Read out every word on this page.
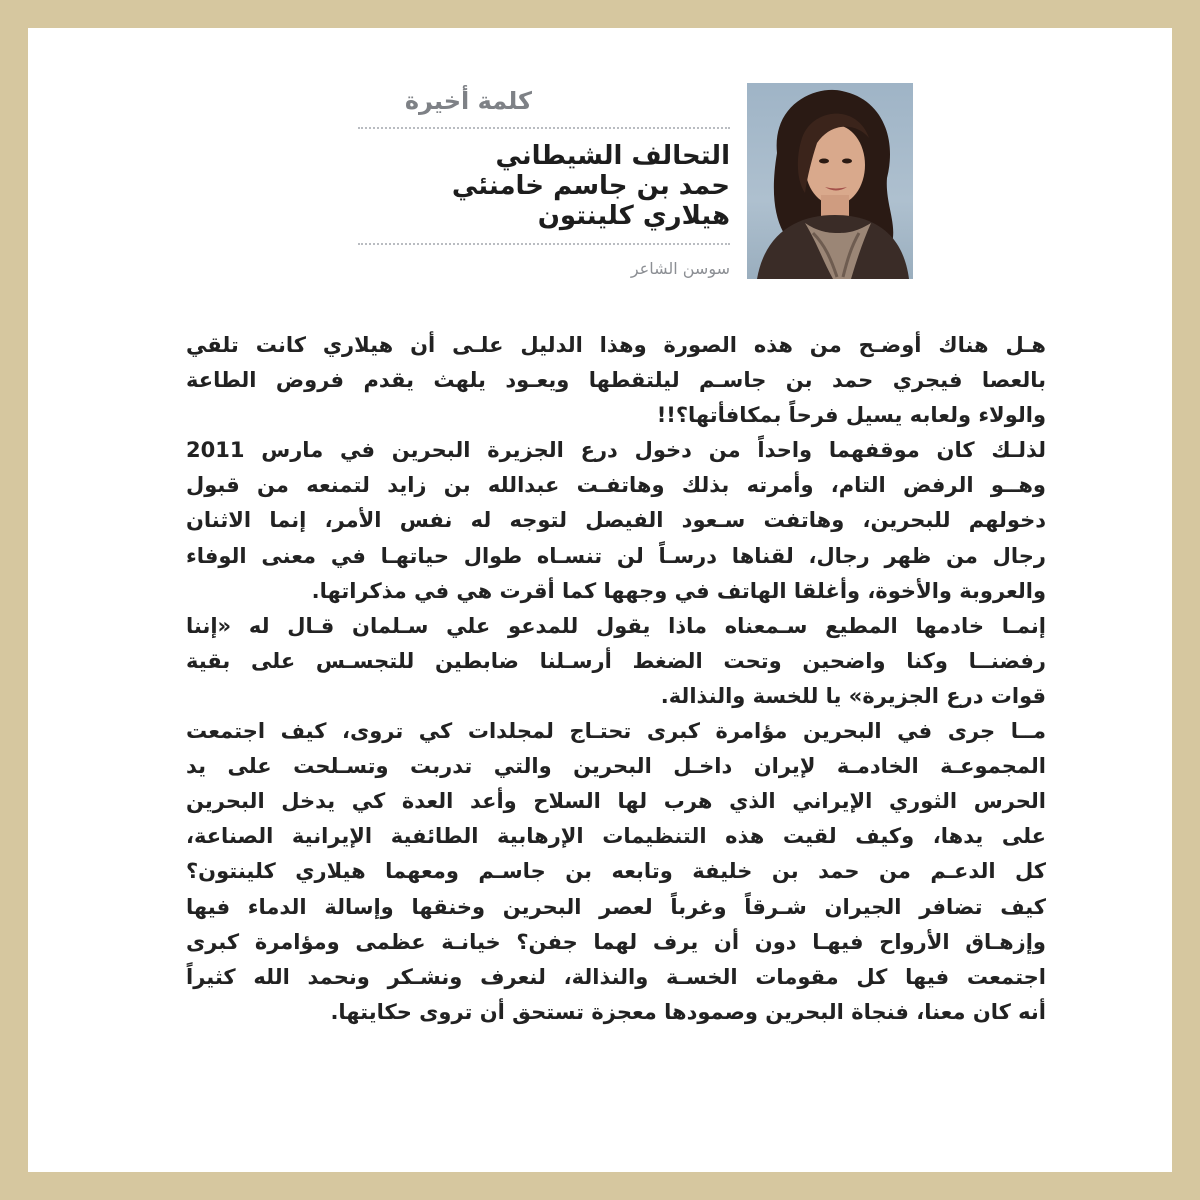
كلمة أخيرة
التحالف الشيطاني
حمد بن جاسم خامنئي
هيلاري كلينتون
سوسن الشاعر
هـل هناك أوضـح من هذه الصورة وهذا الدليل علـى أن هيلاري كانت تلقي
بالعصا فيجري حمد بن جاسـم ليلتقطها ويعـود يلهث يقدم فروض الطاعة
والولاء ولعابه يسيل فرحاً بمكافأتها؟!!
لذلـك كان موقفهما واحداً من دخول درع الجزيرة البحرين في مارس 2011
وهــو الرفض التام، وأمرته بذلك وهاتفـت عبدالله بن زايد لتمنعه من قبول
دخولهم للبحرين، وهاتفت سـعود الفيصل لتوجه له نفس الأمر، إنما الاثنان
رجال من ظهر رجال، لقناها درسـاً لن تنسـاه طوال حياتهـا في معنى الوفاء
والعروبة والأخوة، وأغلقا الهاتف في وجهها كما أقرت هي في مذكراتها.
إنمـا خادمها المطيع سـمعناه ماذا يقول للمدعو علي سـلمان قـال له «إننا
رفضنــا وكنا واضحين وتحت الضغط أرسـلنا ضابطين للتجسـس على بقية
قوات درع الجزيرة» يا للخسة والنذالة.
مــا جرى في البحرين مؤامرة كبرى تحتـاج لمجلدات كي تروى، كيف اجتمعت
المجموعـة الخادمـة لإيران داخـل البحرين والتي تدربت وتسـلحت على يد
الحرس الثوري الإيراني الذي هرب لها السلاح وأعد العدة كي يدخل البحرين
على يدها، وكيف لقيت هذه التنظيمات الإرهابية الطائفية الإيرانية الصناعة،
كل الدعـم من حمد بن خليفة وتابعه بن جاسـم ومعهما هيلاري كلينتون؟
كيف تضافر الجيران شـرقاً وغرباً لعصر البحرين وخنقها وإسالة الدماء فيها
وإزهـاق الأرواح فيهـا دون أن يرف لهما جفن؟ خيانـة عظمى ومؤامرة كبرى
اجتمعت فيها كل مقومات الخسـة والنذالة، لنعرف ونشـكر ونحمد الله كثيراً
أنه كان معنا، فنجاة البحرين وصمودها معجزة تستحق أن تروى حكايتها.
